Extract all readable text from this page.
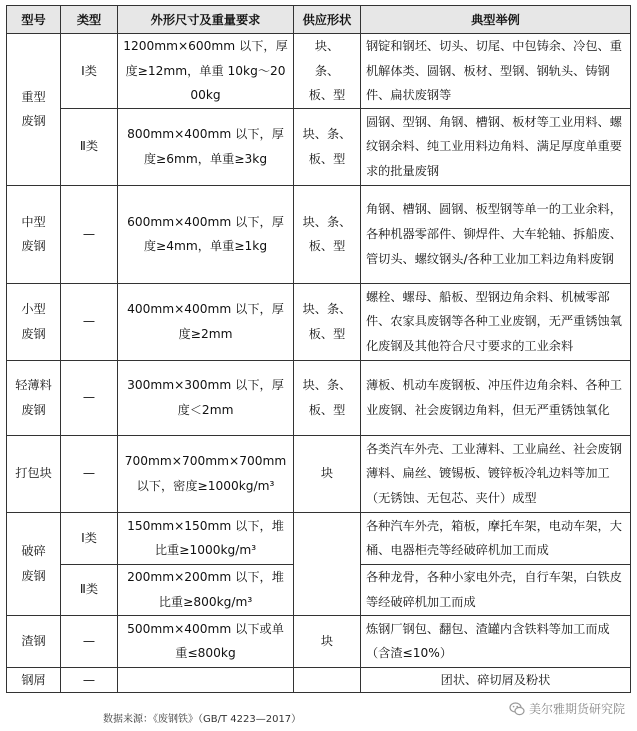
型号	类型	外形尺寸及重量要求	供应形状	典型举例
重型废钢	Ⅰ类	1200mm×600mm 以下，厚度≥12mm，单重 10kg～2000kg	块、条、板、型	钢锭和钢坯、切头、切尾、中包铸余、冷包、重机解体类、圆钢、板材、型钢、钢轨头、铸钢件、扁状废钢等
	Ⅱ类	800mm×400mm 以下，厚度≥6mm，单重≥3kg	块、条、板、型	圆钢、型钢、角钢、槽钢、板材等工业用料、螺纹钢余料、纯工业用料边角料、满足厚度单重要求的批量废钢
中型废钢	—	600mm×400mm 以下，厚度≥4mm，单重≥1kg	块、条、板、型	角钢、槽钢、圆钢、板型钢等单一的工业余料，各种机器零部件、铆焊件、大车轮轴、拆船废、管切头、螺纹钢头/各种工业加工料边角料废钢
小型废钢	—	400mm×400mm 以下，厚度≥2mm	块、条、板、型	螺栓、螺母、船板、型钢边角余料、机械零部件、农家具废钢等各种工业废钢，无严重锈蚀氧化废钢及其他符合尺寸要求的工业余料
轻薄料废钢	—	300mm×300mm 以下，厚度＜2mm	块、条、板、型	薄板、机动车废钢板、冲压件边角余料、各种工业废钢、社会废钢边角料，但无严重锈蚀氧化
打包块	—	700mm×700mm×700mm 以下，密度≥1000kg/m³	块	各类汽车外壳、工业薄料、工业扁丝、社会废钢薄料、扁丝、镀锡板、镀锌板冷轧边料等加工（无锈蚀、无包芯、夹什）成型
破碎废钢	Ⅰ类	150mm×150mm 以下，堆比重≥1000kg/m³		各种汽车外壳，箱板，摩托车架，电动车架，大桶、电器柜壳等经破碎机加工而成
	Ⅱ类	200mm×200mm 以下，堆比重≥800kg/m³		各种龙骨，各种小家电外壳，自行车架，白铁皮等经破碎机加工而成
渣钢	—	500mm×400mm 以下或单重≤800kg	块	炼钢厂钢包、翻包、渣罐内含铁料等加工而成（含渣≤10%）
钢屑	—			团状、碎切屑及粉状
数据来源：《废钢铁》（GB/T 4223—2017）
美尔雅期货研究院
